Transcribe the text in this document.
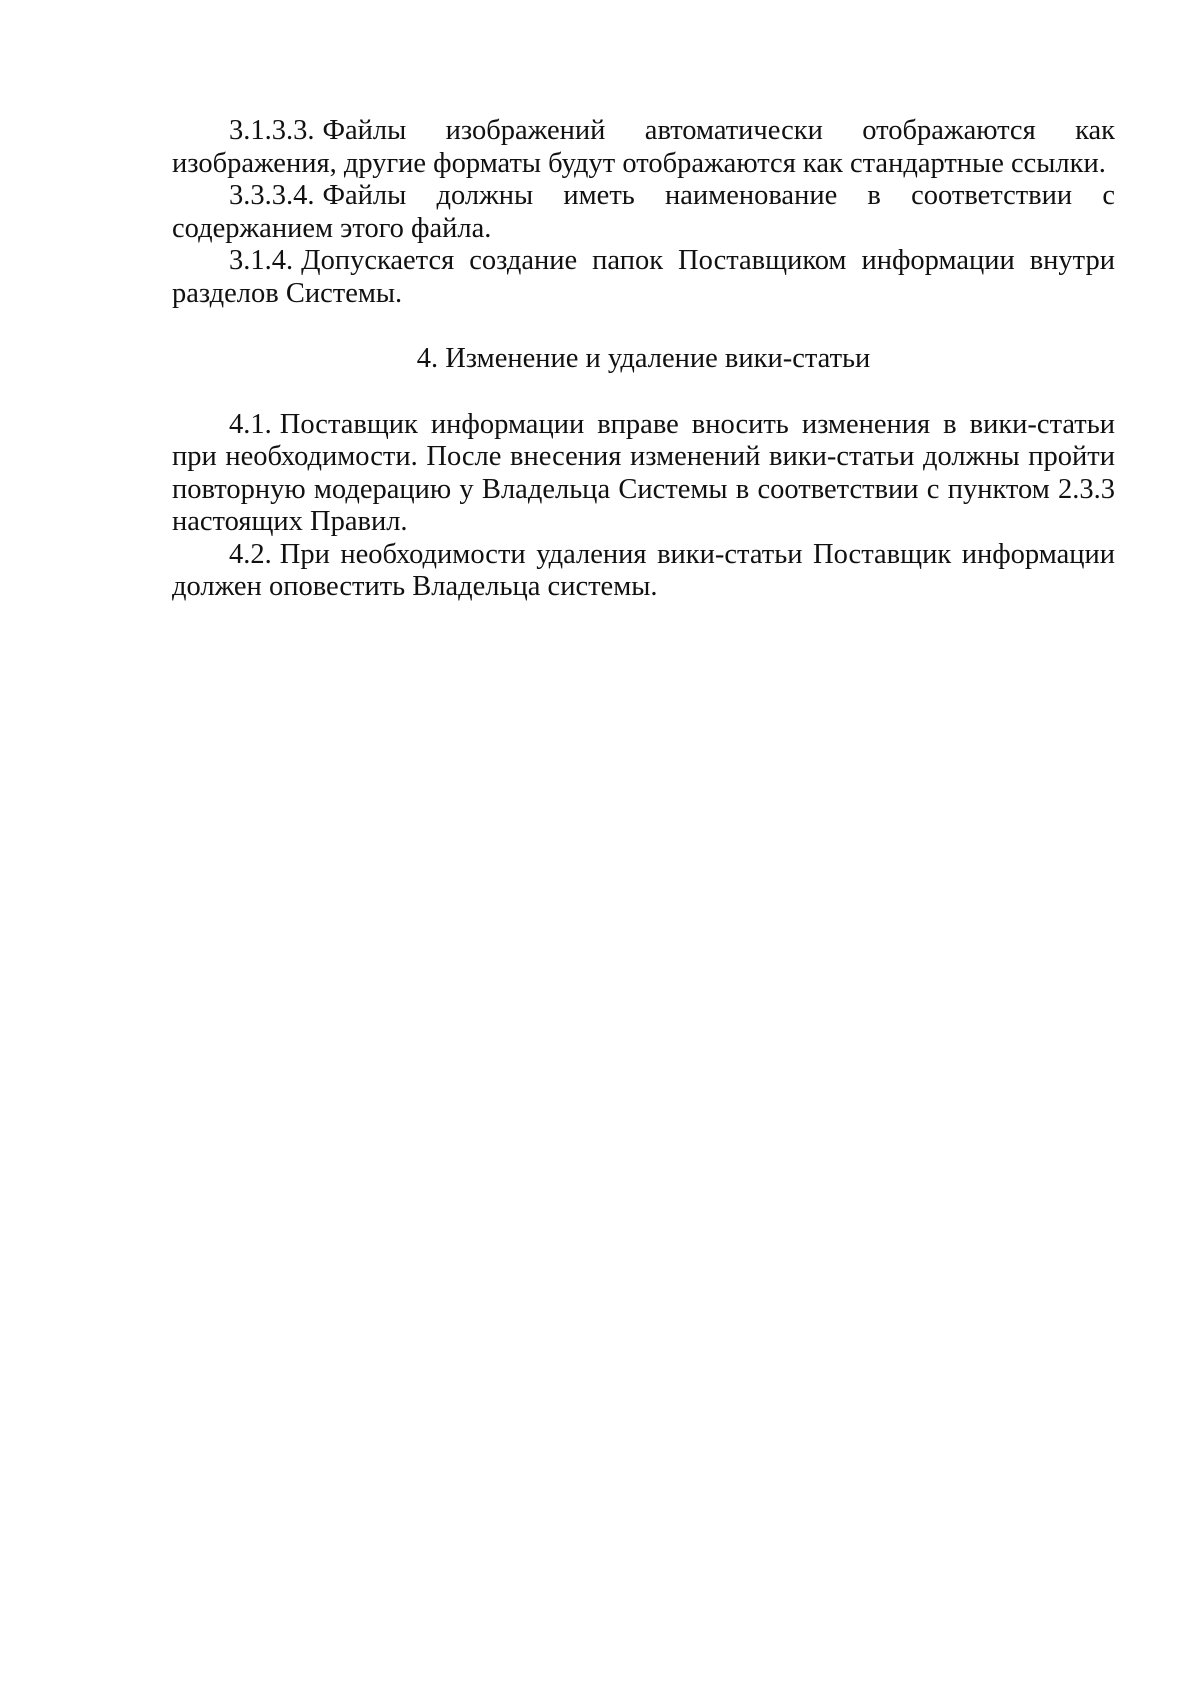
3.1.3.3. Файлы изображений автоматически отображаются как изображения, другие форматы будут отображаются как стандартные ссылки.

3.3.3.4. Файлы должны иметь наименование в соответствии с содержанием этого файла.

3.1.4. Допускается создание папок Поставщиком информации внутри разделов Системы.

4. Изменение и удаление вики-статьи

4.1. Поставщик информации вправе вносить изменения в вики-статьи при необходимости. После внесения изменений вики-статьи должны пройти повторную модерацию у Владельца Системы в соответствии с пунктом 2.3.3 настоящих Правил.

4.2. При необходимости удаления вики-статьи Поставщик информации должен оповестить Владельца системы.
